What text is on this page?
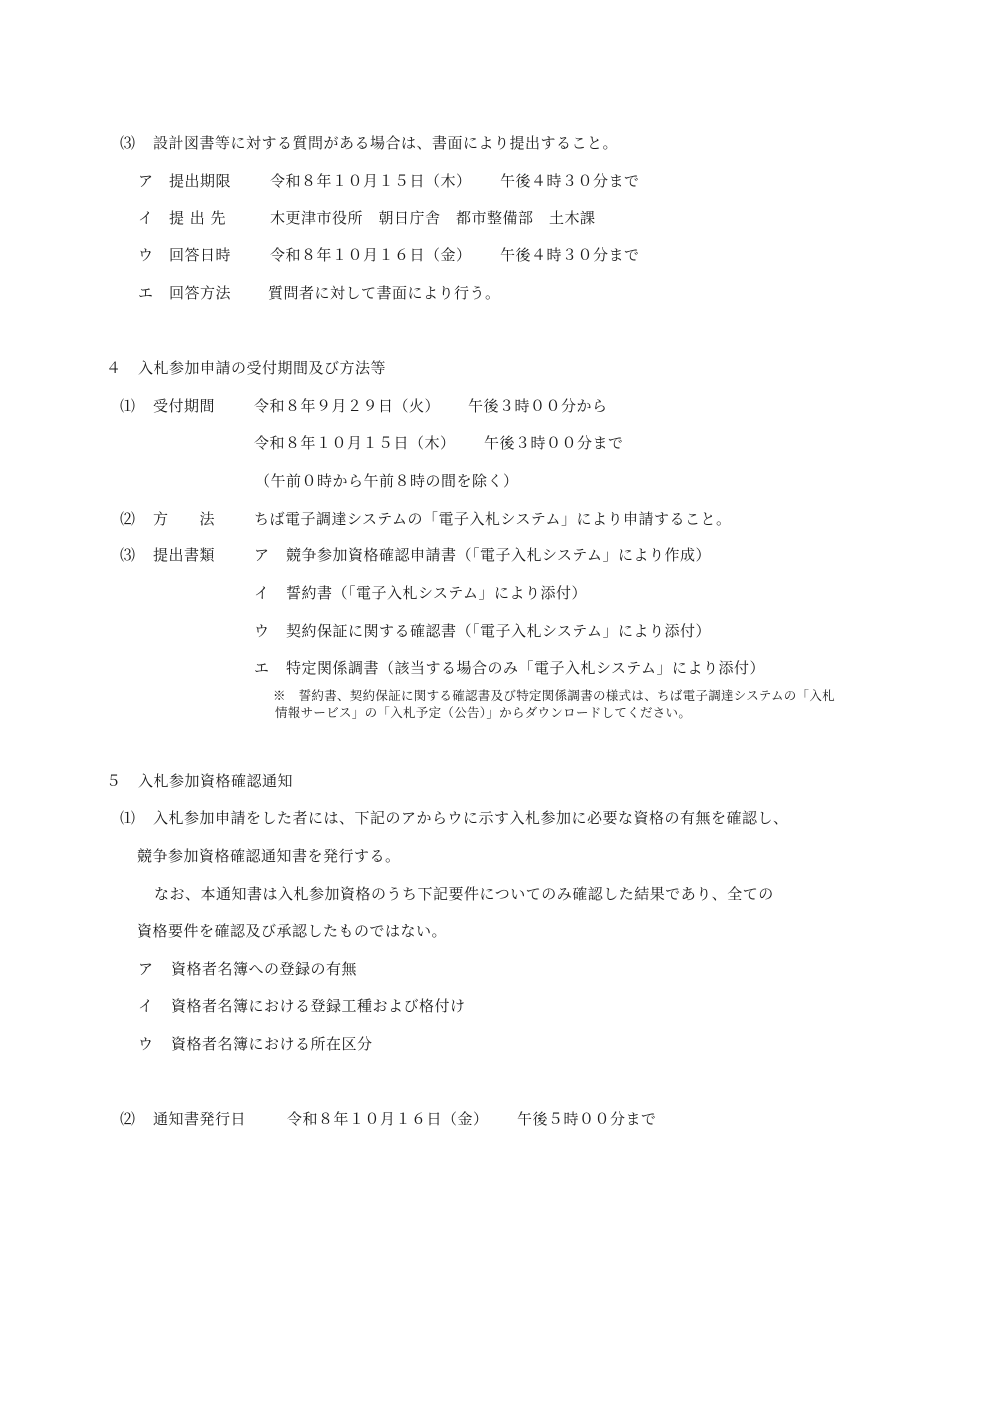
⑶ 設計図書等に対する質問がある場合は、書面により提出すること。
ア 提出期限	令和８年１０月１５日（木） 午後４時３０分まで
イ 提 出 先	木更津市役所　朝日庁舎　都市整備部　土木課
ウ 回答日時	令和８年１０月１６日（金） 午後４時３０分まで
エ 回答方法 質問者に対して書面により行う。
４ 入札参加申請の受付期間及び方法等
⑴ 受付期間	令和８年９月２９日（火） 午後３時００分から
令和８年１０月１５日（木） 午後３時００分まで
（午前０時から午前８時の間を除く）
⑵ 方　　法	ちば電子調達システムの「電子入札システム」により申請すること。
⑶ 提出書類	ア 競争参加資格確認申請書（「電子入札システム」により作成）
イ 誓約書（「電子入札システム」により添付）
ウ 契約保証に関する確認書（「電子入札システム」により添付）
エ 特定関係調書（該当する場合のみ「電子入札システム」により添付）
※　誓約書、契約保証に関する確認書及び特定関係調書の様式は、ちば電子調達システムの「入札
情報サービス」の「入札予定（公告）」からダウンロードしてください。
５ 入札参加資格確認通知
⑴ 入札参加申請をした者には、下記のアからウに示す入札参加に必要な資格の有無を確認し、
競争参加資格確認通知書を発行する。
なお、本通知書は入札参加資格のうち下記要件についてのみ確認した結果であり、全ての
資格要件を確認及び承認したものではない。
ア 資格者名簿への登録の有無
イ 資格者名簿における登録工種および格付け
ウ 資格者名簿における所在区分
⑵ 通知書発行日	令和８年１０月１６日（金） 午後５時００分まで
